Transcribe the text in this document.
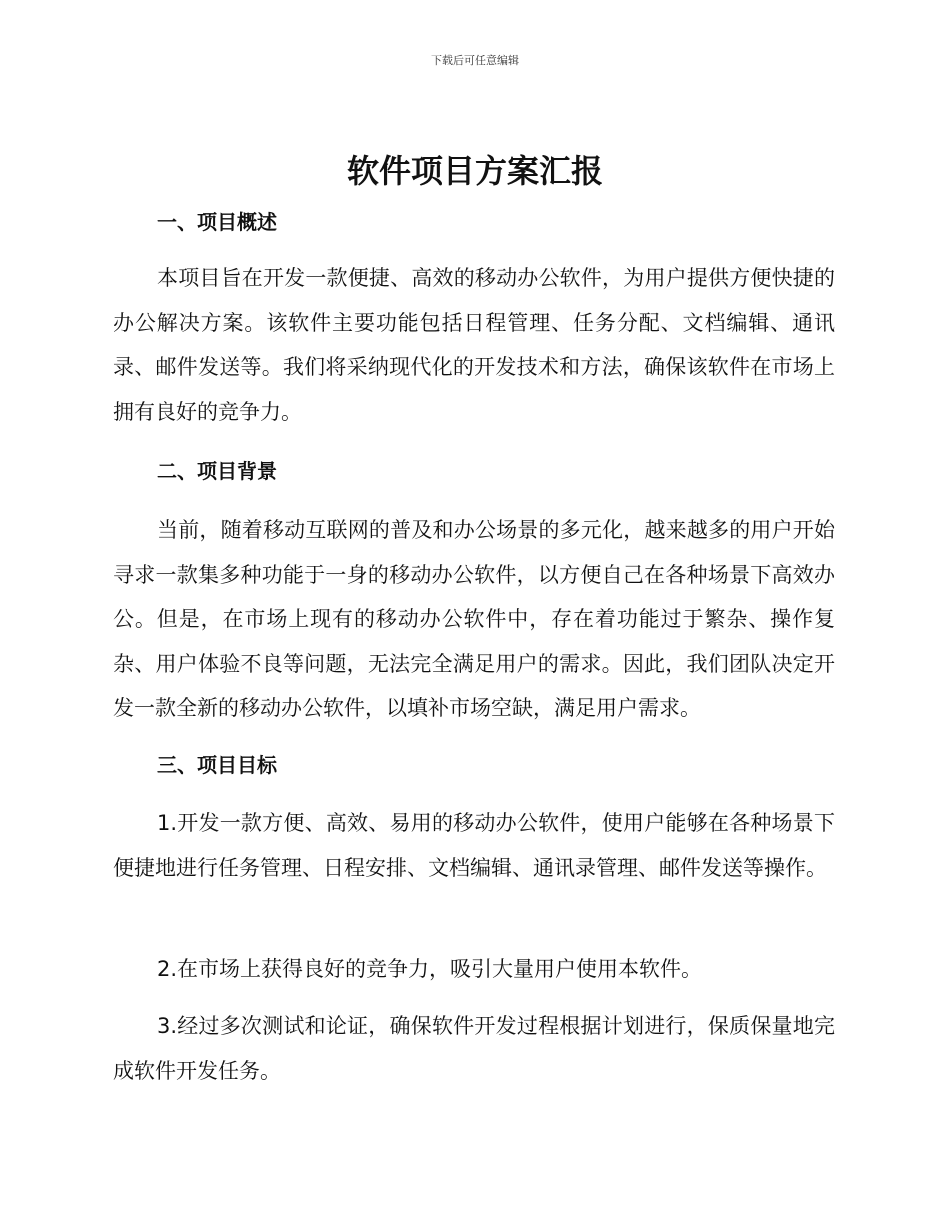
下载后可任意编辑
软件项目方案汇报
一、项目概述

本项目旨在开发一款便捷、高效的移动办公软件，为用户提供方便快捷的办公解决方案。该软件主要功能包括日程管理、任务分配、文档编辑、通讯录、邮件发送等。我们将采纳现代化的开发技术和方法，确保该软件在市场上拥有良好的竞争力。

二、项目背景

当前，随着移动互联网的普及和办公场景的多元化，越来越多的用户开始寻求一款集多种功能于一身的移动办公软件，以方便自己在各种场景下高效办公。但是，在市场上现有的移动办公软件中，存在着功能过于繁杂、操作复杂、用户体验不良等问题，无法完全满足用户的需求。因此，我们团队决定开发一款全新的移动办公软件，以填补市场空缺，满足用户需求。

三、项目目标

1.开发一款方便、高效、易用的移动办公软件，使用户能够在各种场景下便捷地进行任务管理、日程安排、文档编辑、通讯录管理、邮件发送等操作。

2.在市场上获得良好的竞争力，吸引大量用户使用本软件。

3.经过多次测试和论证，确保软件开发过程根据计划进行，保质保量地完成软件开发任务。
